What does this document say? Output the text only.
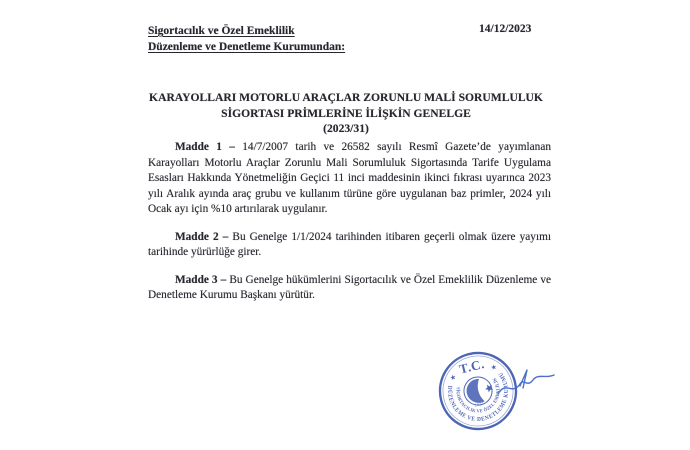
Sigortacılık ve Özel Emeklilik
Düzenleme ve Denetleme Kurumundan:
14/12/2023
KARAYOLLARI MOTORLU ARAÇLAR ZORUNLU MALİ SORUMLULUK
SİGORTASI PRİMLERİNE İLİŞKİN GENELGE
(2023/31)

Madde 1 – 14/7/2007 tarih ve 26582 sayılı Resmî Gazete’de yayımlanan Karayolları Motorlu Araçlar Zorunlu Mali Sorumluluk Sigortasında Tarife Uygulama Esasları Hakkında Yönetmeliğin Geçici 11 inci maddesinin ikinci fıkrası uyarınca 2023 yılı Aralık ayında araç grubu ve kullanım türüne göre uygulanan baz primler, 2024 yılı Ocak ayı için %10 artırılarak uygulanır.

Madde 2 – Bu Genelge 1/1/2024 tarihinden itibaren geçerli olmak üzere yayımı tarihinde yürürlüğe girer.

Madde 3 – Bu Genelge hükümlerini Sigortacılık ve Özel Emeklilik Düzenleme ve Denetleme Kurumu Başkanı yürütür.

T.C.
★
★
DÜZENLEME VE DENETLEME KURUMU
SİGORTACILIK VE ÖZEL EMEKLİLİK
2021
